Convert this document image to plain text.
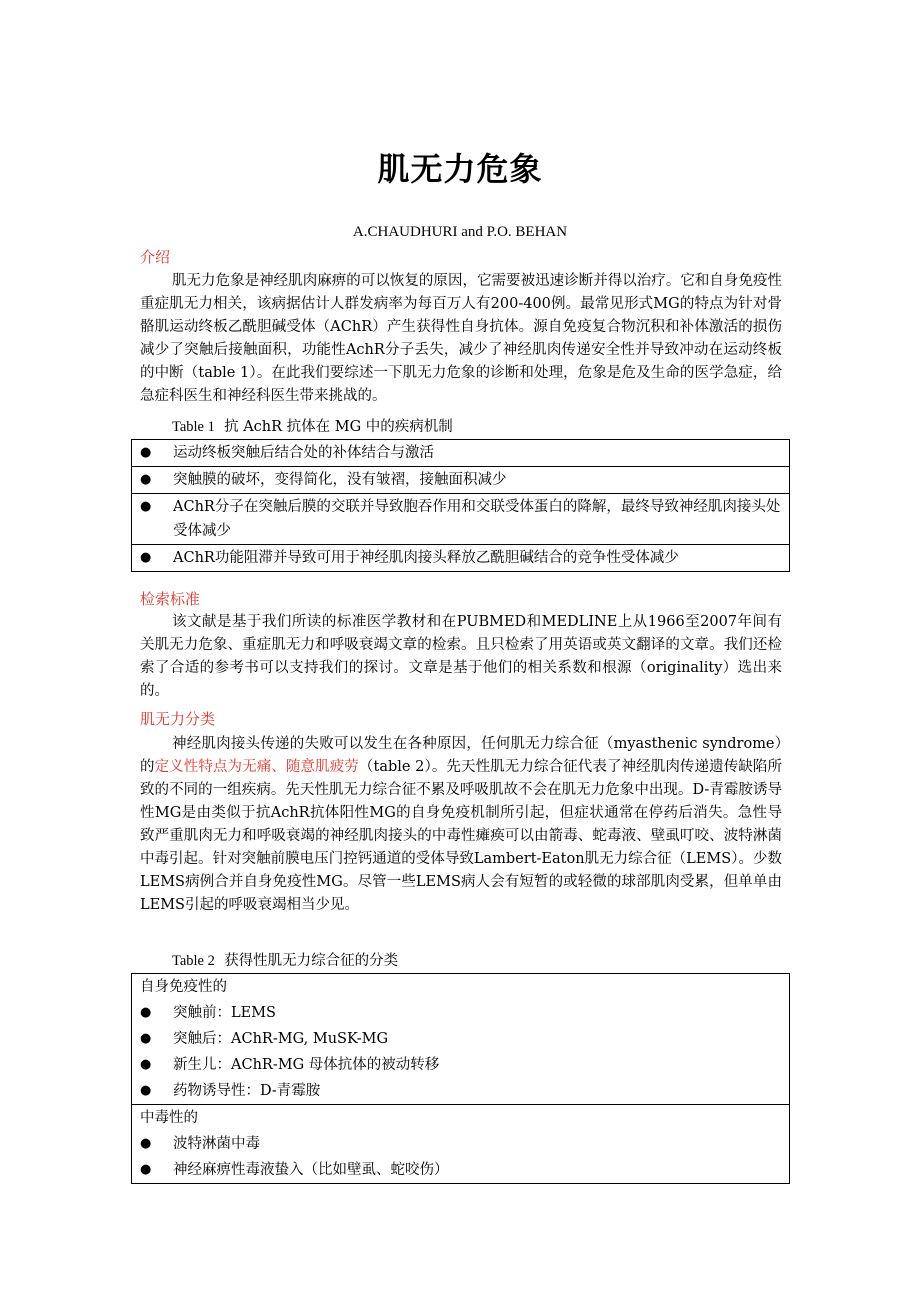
肌无力危象
A.CHAUDHURI and P.O. BEHAN
介绍

肌无力危象是神经肌肉麻痹的可以恢复的原因，它需要被迅速诊断并得以治疗。它和自身免疫性重症肌无力相关，该病据估计人群发病率为每百万人有200-400例。最常见形式MG的特点为针对骨骼肌运动终板乙酰胆碱受体（AChR）产生获得性自身抗体。源自免疫复合物沉积和补体激活的损伤减少了突触后接触面积，功能性AchR分子丢失，减少了神经肌肉传递安全性并导致冲动在运动终板的中断（table 1）。在此我们要综述一下肌无力危象的诊断和处理，危象是危及生命的医学急症，给急症科医生和神经科医生带来挑战的。

Table 1 抗 AchR 抗体在 MG 中的疾病机制
●	运动终板突触后结合处的补体结合与激活

●	突触膜的破坏，变得简化，没有皱褶，接触面积减少

●	AChR分子在突触后膜的交联并导致胞吞作用和交联受体蛋白的降解，最终导致神经肌肉接头处受体减少

●	AChR功能阻滞并导致可用于神经肌肉接头释放乙酰胆碱结合的竞争性受体减少
检索标准

该文献是基于我们所读的标准医学教材和在PUBMED和MEDLINE上从1966至2007年间有关肌无力危象、重症肌无力和呼吸衰竭文章的检索。且只检索了用英语或英文翻译的文章。我们还检索了合适的参考书可以支持我们的探讨。文章是基于他们的相关系数和根源（originality）选出来的。

肌无力分类

神经肌肉接头传递的失败可以发生在各种原因，任何肌无力综合征（myasthenic syndrome）的定义性特点为无痛、随意肌疲劳（table 2）。先天性肌无力综合征代表了神经肌肉传递遗传缺陷所致的不同的一组疾病。先天性肌无力综合征不累及呼吸肌故不会在肌无力危象中出现。D-青霉胺诱导性MG是由类似于抗AchR抗体阳性MG的自身免疫机制所引起，但症状通常在停药后消失。急性导致严重肌肉无力和呼吸衰竭的神经肌肉接头的中毒性瘫痪可以由箭毒、蛇毒液、壁虱叮咬、波特淋菌中毒引起。针对突触前膜电压门控钙通道的受体导致Lambert-Eaton肌无力综合征（LEMS）。少数LEMS病例合并自身免疫性MG。尽管一些LEMS病人会有短暂的或轻微的球部肌肉受累，但单单由LEMS引起的呼吸衰竭相当少见。

Table 2 获得性肌无力综合征的分类
自身免疫性的
●	突触前：LEMS
●	突触后：AChR-MG, MuSK-MG
●	新生儿：AChR-MG 母体抗体的被动转移
●	药物诱导性：D-青霉胺

中毒性的
●	波特淋菌中毒
●	神经麻痹性毒液蛰入（比如壁虱、蛇咬伤）
